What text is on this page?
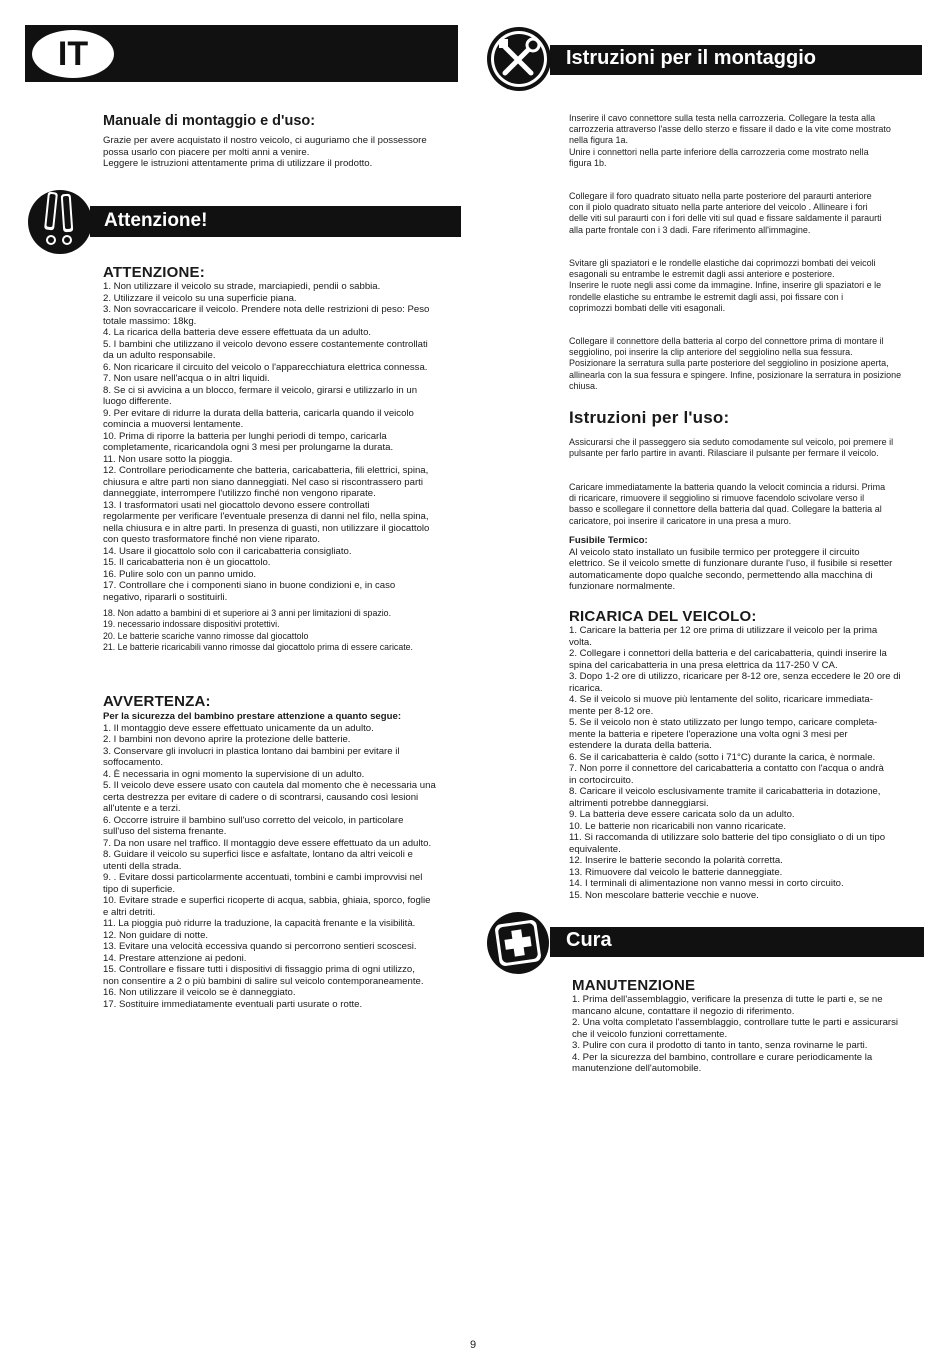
IT	Istruzioni per il montaggio
Manuale di montaggio e d'uso:
Grazie per avere acquistato il nostro veicolo, ci auguriamo che il possessore
possa usarlo con piacere per molti anni a venire.
Leggere le istruzioni attentamente prima di utilizzare il prodotto.
Attenzione!
ATTENZIONE:
1. Non utilizzare il veicolo su strade, marciapiedi, pendii o sabbia.
2. Utilizzare il veicolo su una superficie piana.
3. Non sovraccaricare il veicolo. Prendere nota delle restrizioni di peso: Peso
totale massimo: 18kg.
4. La ricarica della batteria deve essere effettuata da un adulto.
5. I bambini che utilizzano il veicolo devono essere costantemente controllati
da un adulto responsabile.
6. Non ricaricare il circuito del veicolo o l'apparecchiatura elettrica connessa.
7. Non usare nell'acqua o in altri liquidi.
8. Se ci si avvicina a un blocco, fermare il veicolo, girarsi e utilizzarlo in un
luogo differente.
9. Per evitare di ridurre la durata della batteria, caricarla quando il veicolo
comincia a muoversi lentamente.
10. Prima di riporre la batteria per lunghi periodi di tempo, caricarla
completamente, ricaricandola ogni 3 mesi per prolungarne la durata.
11. Non usare sotto la pioggia.
12. Controllare periodicamente che batteria, caricabatteria, fili elettrici, spina,
chiusura e altre parti non siano danneggiati. Nel caso si riscontrassero parti
danneggiate, interrompere l'utilizzo finché non vengono riparate.
13. I trasformatori usati nel giocattolo devono essere controllati
regolarmente per verificare l'eventuale presenza di danni nel filo, nella spina,
nella chiusura e in altre parti. In presenza di guasti, non utilizzare il giocattolo
con questo trasformatore finché non viene riparato.
14. Usare il giocattolo solo con il caricabatteria consigliato.
15. Il caricabatteria non è un giocattolo.
16. Pulire solo con un panno umido.
17. Controllare che i componenti siano in buone condizioni e, in caso
negativo, ripararli o sostituirli.
18. Non adatto a bambini di et superiore ai 3 anni per limitazioni di spazio.
19. necessario indossare dispositivi protettivi.
20. Le batterie scariche vanno rimosse dal giocattolo
21. Le batterie ricaricabili vanno rimosse dal giocattolo prima di essere caricate.
AVVERTENZA:
Per la sicurezza del bambino prestare attenzione a quanto segue:
1. Il montaggio deve essere effettuato unicamente da un adulto.
2. I bambini non devono aprire la protezione delle batterie.
3. Conservare gli involucri in plastica lontano dai bambini per evitare il
soffocamento.
4. È necessaria in ogni momento la supervisione di un adulto.
5. Il veicolo deve essere usato con cautela dal momento che è necessaria una
certa destrezza per evitare di cadere o di scontrarsi, causando così lesioni
all'utente e a terzi.
6. Occorre istruire il bambino sull'uso corretto del veicolo, in particolare
sull'uso del sistema frenante.
7. Da non usare nel traffico. Il montaggio deve essere effettuato da un adulto.
8. Guidare il veicolo su superfici lisce e asfaltate, lontano da altri veicoli e
utenti della strada.
9. . Evitare dossi particolarmente accentuati, tombini e cambi improvvisi nel
tipo di superficie.
10. Evitare strade e superfici ricoperte di acqua, sabbia, ghiaia, sporco, foglie
e altri detriti.
11. La pioggia può ridurre la traduzione, la capacità frenante e la visibilità.
12. Non guidare di notte.
13. Evitare una velocità eccessiva quando si percorrono sentieri scoscesi.
14. Prestare attenzione ai pedoni.
15. Controllare e fissare tutti i dispositivi di fissaggio prima di ogni utilizzo,
non consentire a 2 o più bambini di salire sul veicolo contemporaneamente.
16. Non utilizzare il veicolo se è danneggiato.
17. Sostituire immediatamente eventuali parti usurate o rotte.
Inserire il cavo connettore sulla testa nella carrozzeria. Collegare la testa alla
carrozzeria attraverso l'asse dello sterzo e fissare il dado e la vite come mostrato
nella figura 1a.
Unire i connettori nella parte inferiore della carrozzeria come mostrato nella
figura 1b.
Collegare il foro quadrato situato nella parte posteriore del paraurti anteriore
con il piolo quadrato situato nella parte anteriore del veicolo . Allineare i fori
delle viti sul paraurti con i fori delle viti sul quad e fissare saldamente il paraurti
alla parte frontale con i 3 dadi. Fare riferimento all'immagine.
Svitare gli spaziatori e le rondelle elastiche dai coprimozzi bombati dei veicoli
esagonali su entrambe le estremit dagli assi anteriore e posteriore.
Inserire le ruote negli assi come da immagine. Infine, inserire gli spaziatori e le
rondelle elastiche su entrambe le estremit dagli assi, poi fissare con i
coprimozzi bombati delle viti esagonali.
Collegare il connettore della batteria al corpo del connettore prima di montare il
seggiolino, poi inserire la clip anteriore del seggiolino nella sua fessura.
Posizionare la serratura sulla parte posteriore del seggiolino in posizione aperta,
allinearla con la sua fessura e spingere. Infine, posizionare la serratura in posizione
chiusa.
Istruzioni per l'uso:
Assicurarsi che il passeggero sia seduto comodamente sul veicolo, poi premere il
pulsante per farlo partire in avanti. Rilasciare il pulsante per fermare il veicolo.
Caricare immediatamente la batteria quando la velocit comincia a ridursi. Prima
di ricaricare, rimuovere il seggiolino si rimuove facendolo scivolare verso il
basso e scollegare il connettore della batteria dal quad. Collegare la batteria al
caricatore, poi inserire il caricatore in una presa a muro.
Fusibile Termico:
Al veicolo stato installato un fusibile termico per proteggere il circuito
elettrico. Se il veicolo smette di funzionare durante l'uso, il fusibile si resetter
automaticamente dopo qualche secondo, permettendo alla macchina di
funzionare normalmente.
RICARICA DEL VEICOLO:
1. Caricare la batteria per 12 ore prima di utilizzare il veicolo per la prima
volta.
2. Collegare i connettori della batteria e del caricabatteria, quindi inserire la
spina del caricabatteria in una presa elettrica da 117-250 V CA.
3. Dopo 1-2 ore di utilizzo, ricaricare per 8-12 ore, senza eccedere le 20 ore di
ricarica.
4. Se il veicolo si muove più lentamente del solito, ricaricare immediata-
mente per 8-12 ore.
5. Se il veicolo non è stato utilizzato per lungo tempo, caricare completa-
mente la batteria e ripetere l'operazione una volta ogni 3 mesi per
estendere la durata della batteria.
6. Se il caricabatteria è caldo (sotto i 71°C) durante la carica, è normale.
7. Non porre il connettore del caricabatteria a contatto con l'acqua o andrà
in cortocircuito.
8. Caricare il veicolo esclusivamente tramite il caricabatteria in dotazione,
altrimenti potrebbe danneggiarsi.
9. La batteria deve essere caricata solo da un adulto.
10. Le batterie non ricaricabili non vanno ricaricate.
11. Si raccomanda di utilizzare solo batterie del tipo consigliato o di un tipo
equivalente.
12. Inserire le batterie secondo la polarità corretta.
13. Rimuovere dal veicolo le batterie danneggiate.
14. I terminali di alimentazione non vanno messi in corto circuito.
15. Non mescolare batterie vecchie e nuove.
Cura
MANUTENZIONE
1. Prima dell'assemblaggio, verificare la presenza di tutte le parti e, se ne
mancano alcune, contattare il negozio di riferimento.
2. Una volta completato l'assemblaggio, controllare tutte le parti e assicurarsi
che il veicolo funzioni correttamente.
3. Pulire con cura il prodotto di tanto in tanto, senza rovinarne le parti.
4. Per la sicurezza del bambino, controllare e curare periodicamente la
manutenzione dell'automobile.
9
